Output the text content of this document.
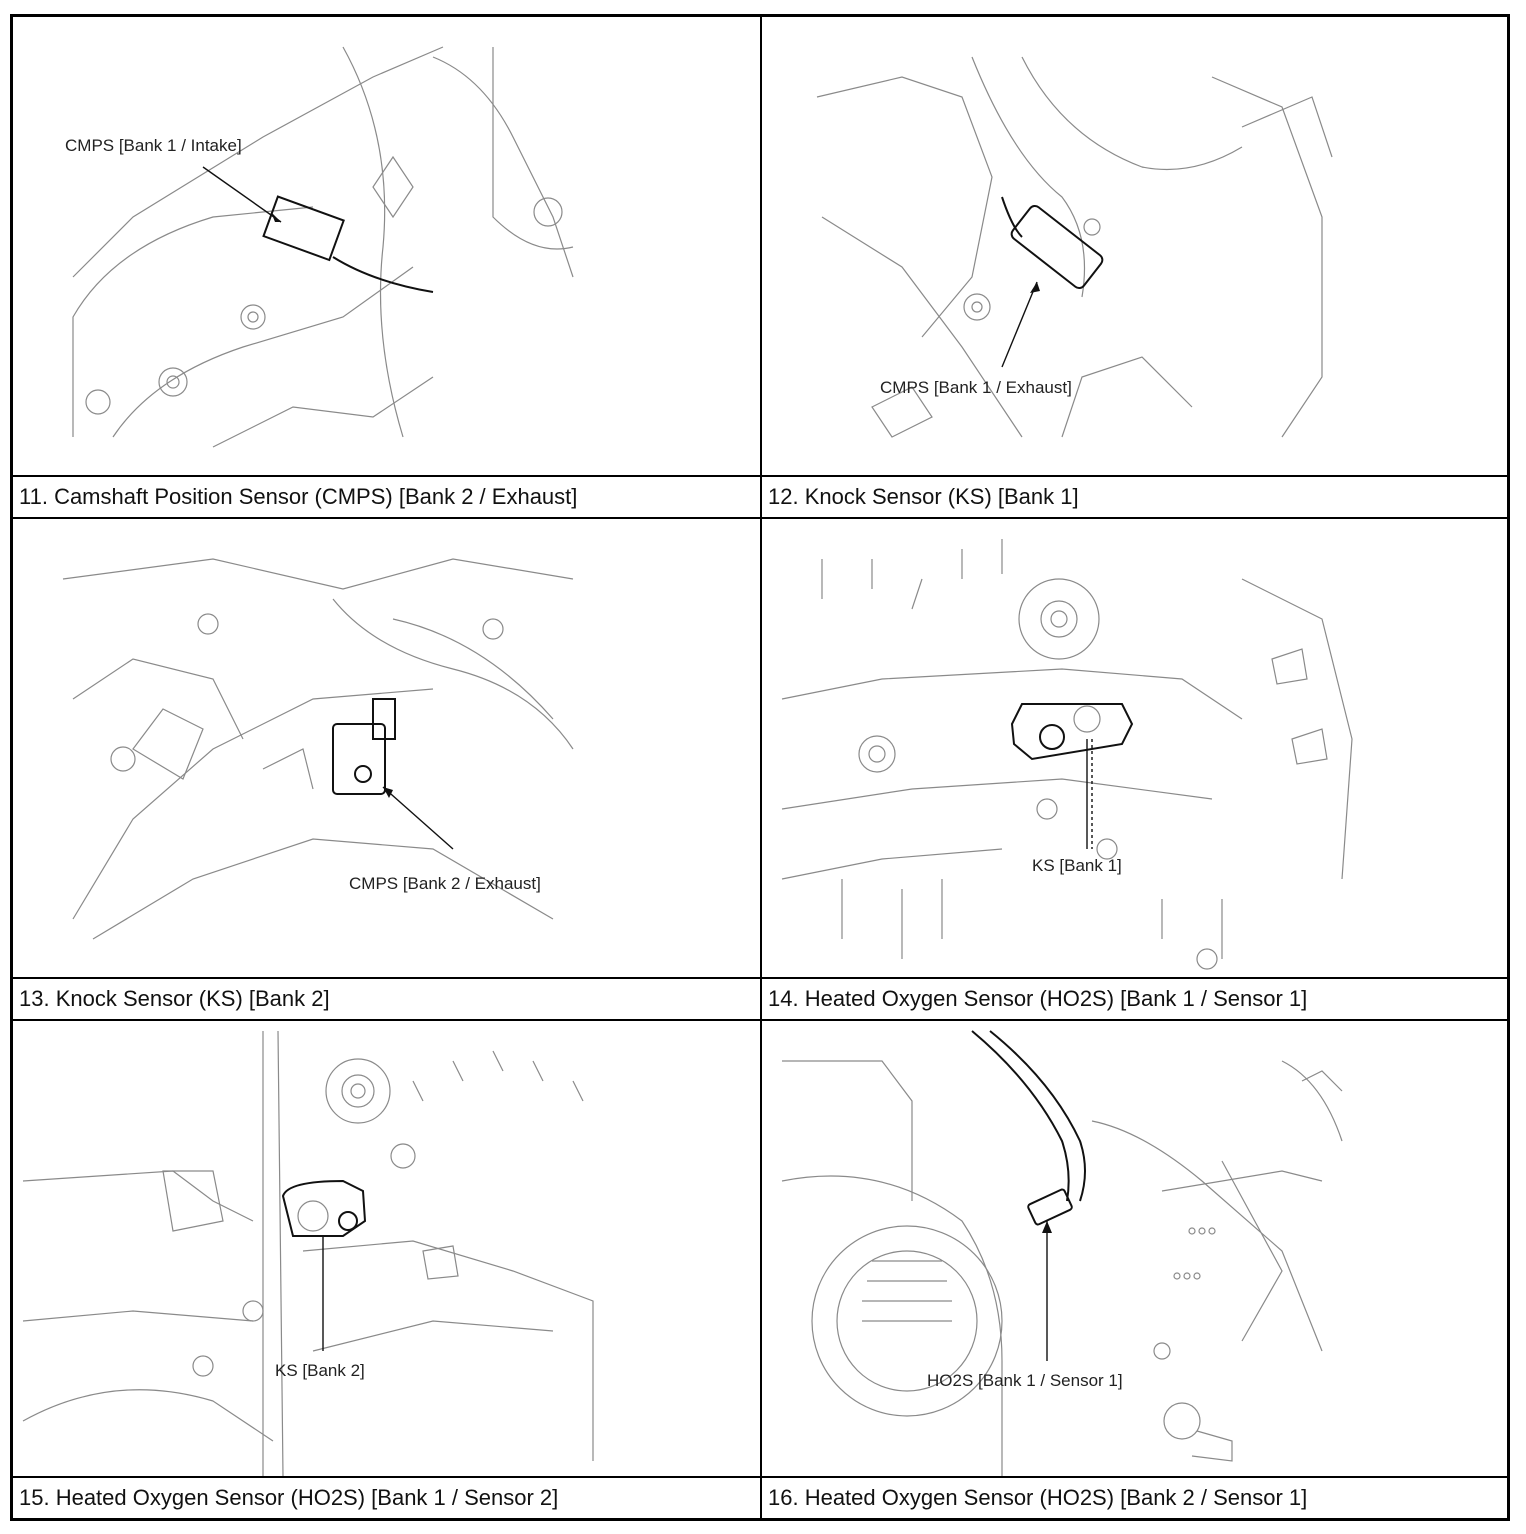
CMPS [Bank 1 / Intake]
11. Camshaft Position Sensor (CMPS) [Bank 2 / Exhaust]
CMPS [Bank 1 / Exhaust]
12. Knock Sensor (KS) [Bank 1]
CMPS [Bank 2 / Exhaust]
13. Knock Sensor (KS) [Bank 2]
KS [Bank 1]
14. Heated Oxygen Sensor (HO2S) [Bank 1 / Sensor 1]
KS [Bank 2]
15. Heated Oxygen Sensor (HO2S) [Bank 1 / Sensor 2]
HO2S [Bank 1 / Sensor 1]
16. Heated Oxygen Sensor (HO2S) [Bank 2 / Sensor 1]
